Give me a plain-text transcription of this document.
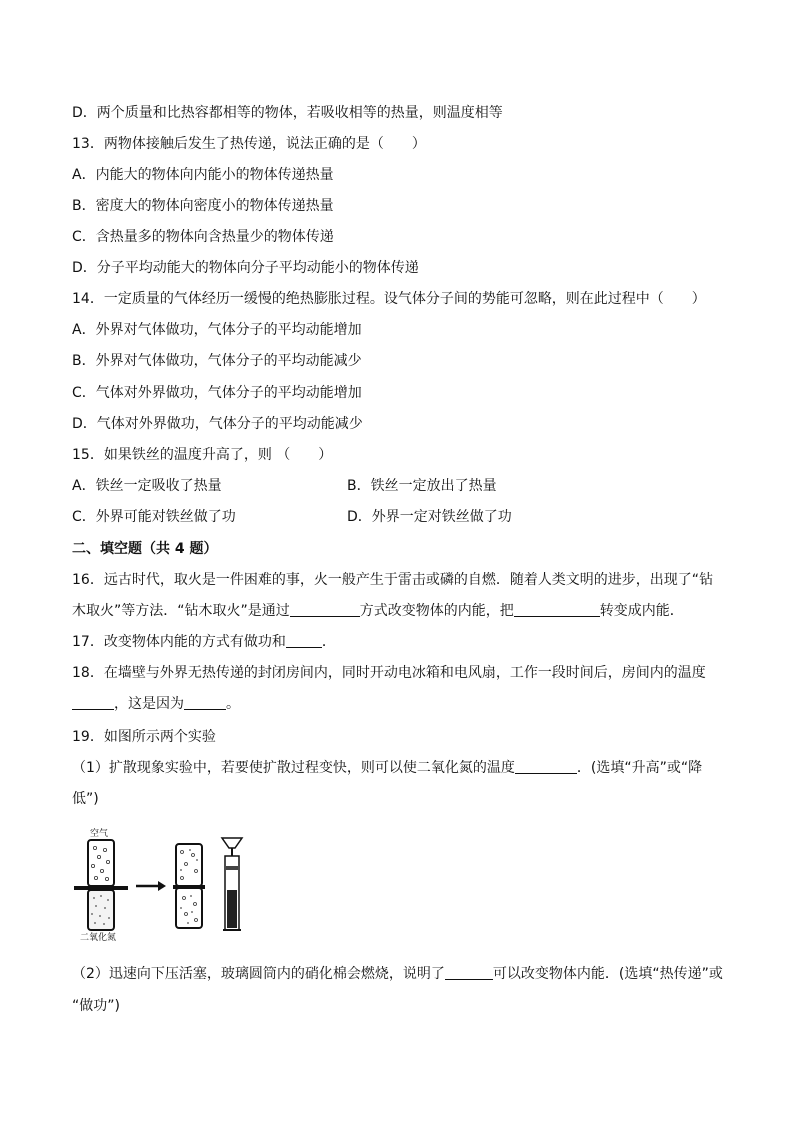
D．两个质量和比热容都相等的物体，若吸收相等的热量，则温度相等
13．两物体接触后发生了热传递，说法正确的是（　　）
A．内能大的物体向内能小的物体传递热量
B．密度大的物体向密度小的物体传递热量
C．含热量多的物体向含热量少的物体传递
D．分子平均动能大的物体向分子平均动能小的物体传递
14．一定质量的气体经历一缓慢的绝热膨胀过程。设气体分子间的势能可忽略，则在此过程中（　　）
A．外界对气体做功，气体分子的平均动能增加
B．外界对气体做功，气体分子的平均动能减少
C．气体对外界做功，气体分子的平均动能增加
D．气体对外界做功，气体分子的平均动能减少
15．如果铁丝的温度升高了，则 （　　）
A．铁丝一定吸收了热量	B．铁丝一定放出了热量
C．外界可能对铁丝做了功	D．外界一定对铁丝做了功
二、填空题（共 4 题）
16．远古时代，取火是一件困难的事，火一般产生于雷击或磷的自燃．随着人类文明的进步，出现了“钻
木取火”等方法．“钻木取火”是通过	方式改变物体的内能，把	转变成内能．
17．改变物体内能的方式有做功和	．
18．在墙壁与外界无热传递的封闭房间内，同时开动电冰箱和电风扇，工作一段时间后，房间内的温度
，这是因为	。
19．如图所示两个实验
（1）扩散现象实验中，若要使扩散过程变快，则可以使二氧化氮的温度	．(选填“升高”或“降
低”)
空气
二氧化氮
（2）迅速向下压活塞，玻璃圆筒内的硝化棉会燃烧，说明了	可以改变物体内能．(选填“热传递”或
“做功”)
